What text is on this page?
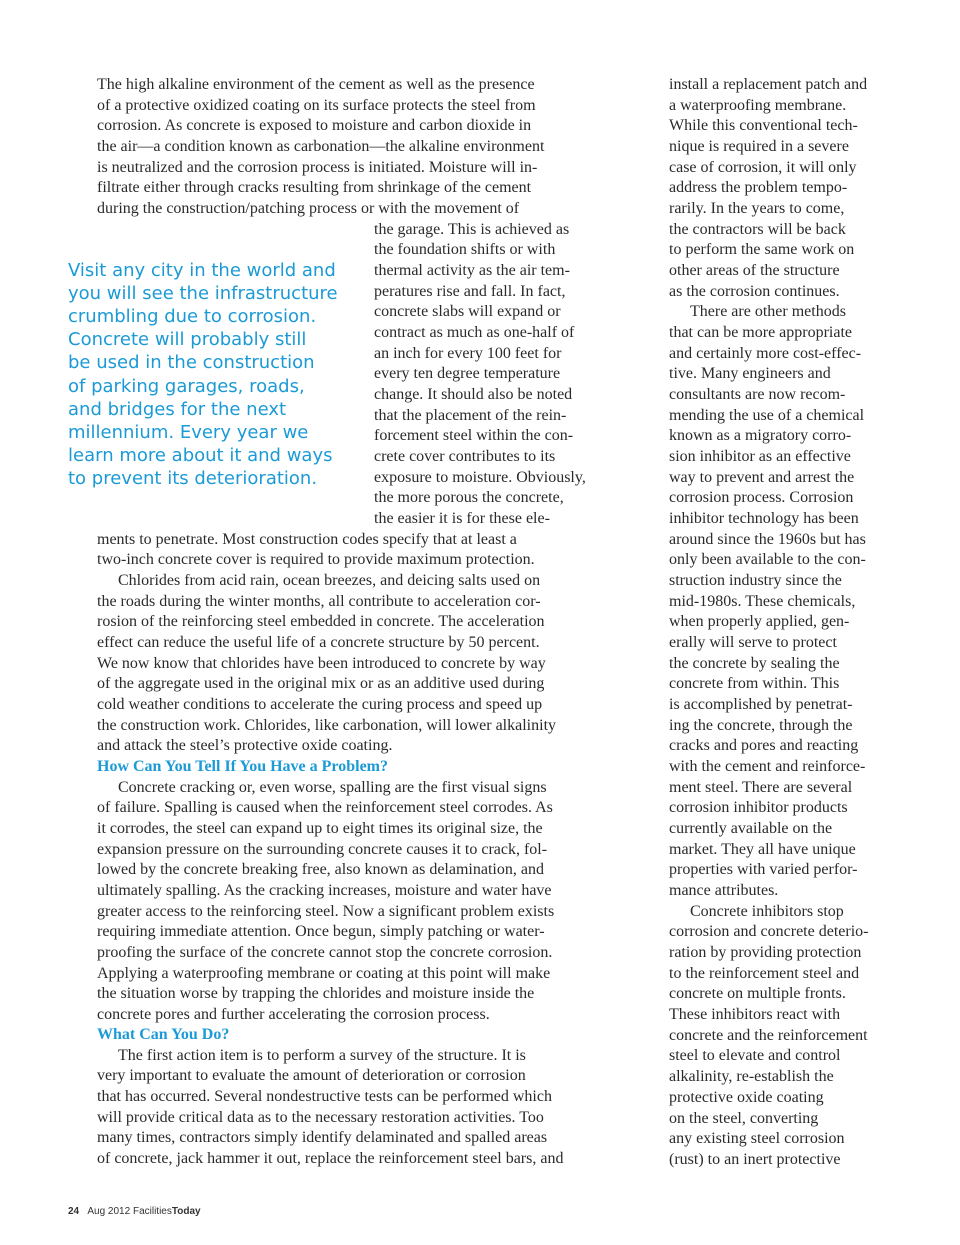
The high alkaline environment of the cement as well as the presence
of a protective oxidized coating on its surface protects the steel from
corrosion. As concrete is exposed to moisture and carbon dioxide in
the air—a condition known as carbonation—the alkaline environment
is neutralized and the corrosion process is initiated. Moisture will in-
filtrate either through cracks resulting from shrinkage of the cement
during the construction/patching process or with the movement of
the garage. This is achieved as
the foundation shifts or with
thermal activity as the air tem-
peratures rise and fall. In fact,
concrete slabs will expand or
contract as much as one-half of
an inch for every 100 feet for
every ten degree temperature
change. It should also be noted
that the placement of the rein-
forcement steel within the con-
crete cover contributes to its
exposure to moisture. Obviously,
the more porous the concrete,
the easier it is for these ele-
ments to penetrate. Most construction codes specify that at least a
two-inch concrete cover is required to provide maximum protection.
Chlorides from acid rain, ocean breezes, and deicing salts used on
the roads during the winter months, all contribute to acceleration cor-
rosion of the reinforcing steel embedded in concrete. The acceleration
effect can reduce the useful life of a concrete structure by 50 percent.
We now know that chlorides have been introduced to concrete by way
of the aggregate used in the original mix or as an additive used during
cold weather conditions to accelerate the curing process and speed up
the construction work. Chlorides, like carbonation, will lower alkalinity
and attack the steel’s protective oxide coating.
How Can You Tell If You Have a Problem?
Concrete cracking or, even worse, spalling are the first visual signs
of failure. Spalling is caused when the reinforcement steel corrodes. As
it corrodes, the steel can expand up to eight times its original size, the
expansion pressure on the surrounding concrete causes it to crack, fol-
lowed by the concrete breaking free, also known as delamination, and
ultimately spalling. As the cracking increases, moisture and water have
greater access to the reinforcing steel. Now a significant problem exists
requiring immediate attention. Once begun, simply patching or water-
proofing the surface of the concrete cannot stop the concrete corrosion.
Applying a waterproofing membrane or coating at this point will make
the situation worse by trapping the chlorides and moisture inside the
concrete pores and further accelerating the corrosion process.
What Can You Do?
The first action item is to perform a survey of the structure. It is
very important to evaluate the amount of deterioration or corrosion
that has occurred. Several nondestructive tests can be performed which
will provide critical data as to the necessary restoration activities. Too
many times, contractors simply identify delaminated and spalled areas
of concrete, jack hammer it out, replace the reinforcement steel bars, and
install a replacement patch and
a waterproofing membrane.
While this conventional tech-
nique is required in a severe
case of corrosion, it will only
address the problem tempo-
rarily. In the years to come,
the contractors will be back
to perform the same work on
other areas of the structure
as the corrosion continues.
There are other methods
that can be more appropriate
and certainly more cost-effec-
tive. Many engineers and
consultants are now recom-
mending the use of a chemical
known as a migratory corro-
sion inhibitor as an effective
way to prevent and arrest the
corrosion process. Corrosion
inhibitor technology has been
around since the 1960s but has
only been available to the con-
struction industry since the
mid-1980s. These chemicals,
when properly applied, gen-
erally will serve to protect
the concrete by sealing the
concrete from within. This
is accomplished by penetrat-
ing the concrete, through the
cracks and pores and reacting
with the cement and reinforce-
ment steel. There are several
corrosion inhibitor products
currently available on the
market. They all have unique
properties with varied perfor-
mance attributes.
Concrete inhibitors stop
corrosion and concrete deterio-
ration by providing protection
to the reinforcement steel and
concrete on multiple fronts.
These inhibitors react with
concrete and the reinforcement
steel to elevate and control
alkalinity, re-establish the
protective oxide coating
on the steel, converting
any existing steel corrosion
(rust) to an inert protective
Visit any city in the world and
you will see the infrastructure
crumbling due to corrosion.
Concrete will probably still
be used in the construction
of parking garages, roads,
and bridges for the next
millennium. Every year we
learn more about it and ways
to prevent its deterioration.
24 Aug 2012 FacilitiesToday
